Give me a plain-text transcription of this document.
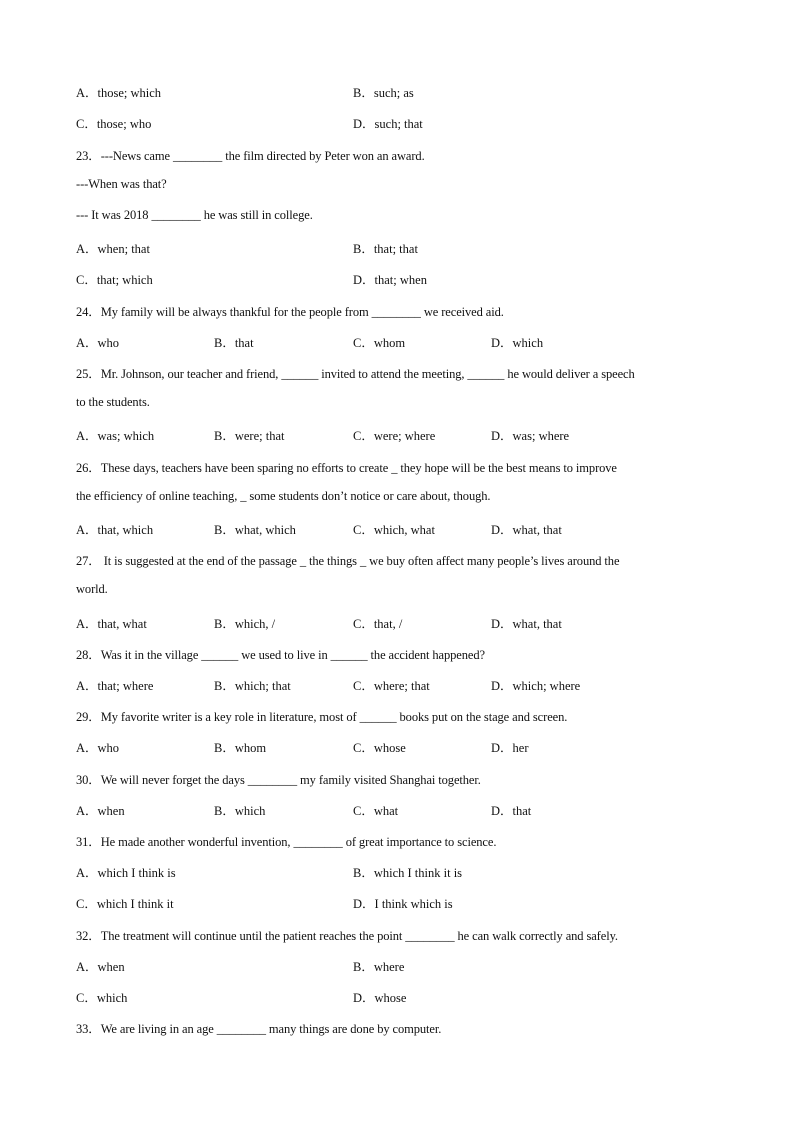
A．those; which	B．such; as
C．those; who	D．such; that
23．---News came ________ the film directed by Peter won an award.
---When was that?
--- It was 2018 ________ he was still in college.
A．when; that	B．that; that
C．that; which	D．that; when
24．My family will be always thankful for the people from ________ we received aid.
A．who	B．that	C．whom	D．which
25．Mr. Johnson, our teacher and friend, ______ invited to attend the meeting, ______ he would deliver a speech
to the students.
A．was; which	B．were; that	C．were; where	D．was; where
26．These days, teachers have been sparing no efforts to create _ they hope will be the best means to improve
the efficiency of online teaching, _ some students don’t notice or care about, though.
A．that, which	B．what, which	C．which, what	D．what, that
27． It is suggested at the end of the passage _ the things _ we buy often affect many people’s lives around the
world.
A．that, what	B．which, /	C．that, /	D．what, that
28．Was it in the village ______ we used to live in ______ the accident happened?
A．that; where	B．which; that	C．where; that	D．which; where
29．My favorite writer is a key role in literature, most of ______ books put on the stage and screen.
A．who	B．whom	C．whose	D．her
30．We will never forget the days ________ my family visited Shanghai together.
A．when	B．which	C．what	D．that
31．He made another wonderful invention, ________ of great importance to science.
A．which I think is	B．which I think it is
C．which I think it	D．I think which is
32．The treatment will continue until the patient reaches the point ________ he can walk correctly and safely.
A．when	B．where
C．which	D．whose
33．We are living in an age ________ many things are done by computer.
